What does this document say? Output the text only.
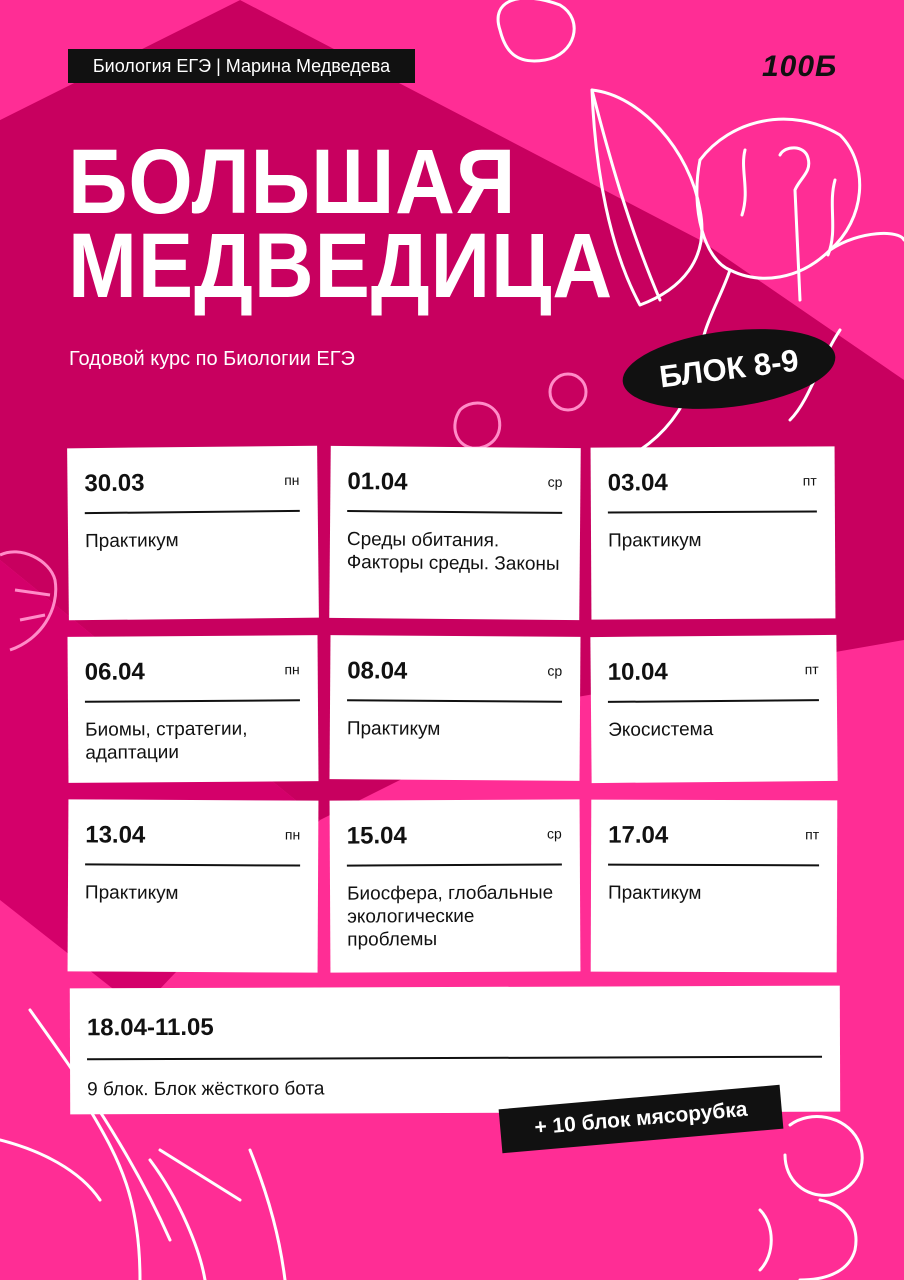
Биология ЕГЭ | Марина Медведева	100Б
БОЛЬШАЯ
МЕДВЕДИЦА
Годовой курс по Биологии ЕГЭ	БЛОК 8-9
30.03	пн
Практикум
01.04	ср
Среды обитания. Факторы среды. Законы
03.04	пт
Практикум
06.04	пн
Биомы, стратегии, адаптации
08.04	ср
Практикум
10.04	пт
Экосистема
13.04	пн
Практикум
15.04	ср
Биосфера, глобальные экологические проблемы
17.04	пт
Практикум
18.04-11.05
9 блок. Блок жёсткого бота
+ 10 блок мясорубка
